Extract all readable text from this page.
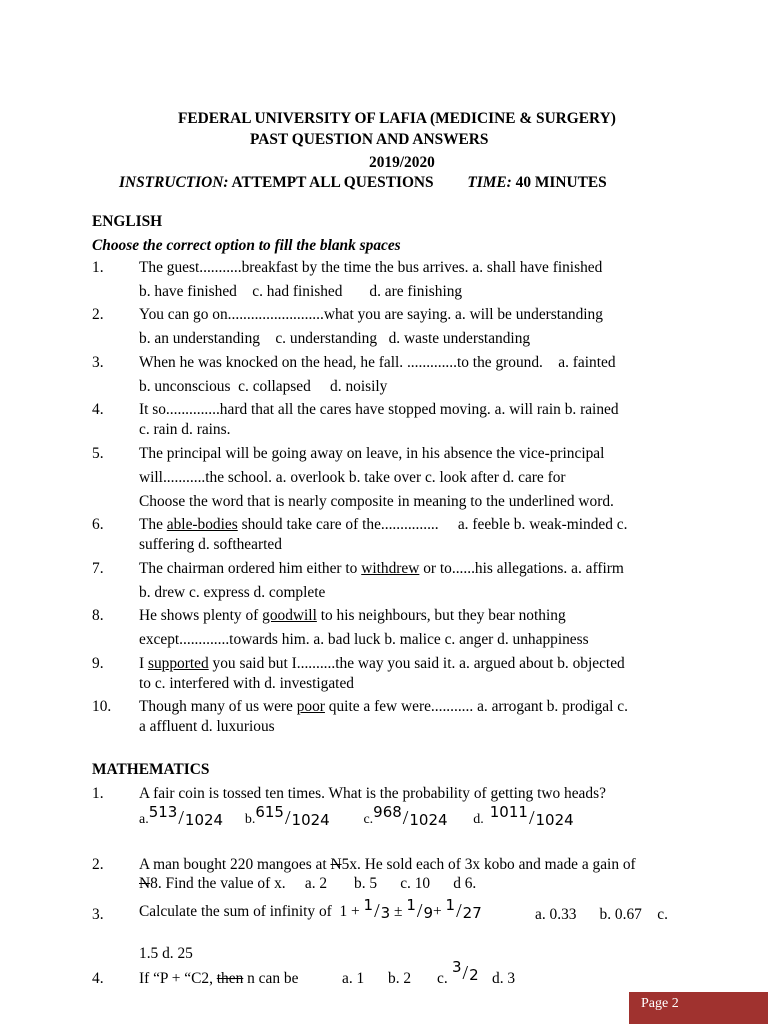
FEDERAL UNIVERSITY OF LAFIA (MEDICINE & SURGERY)
PAST QUESTION AND ANSWERS
2019/2020
INSTRUCTION: ATTEMPT ALL QUESTIONS TIME: 40 MINUTES
ENGLISH
Choose the correct option to fill the blank spaces
1. The guest...........breakfast by the time the bus arrives. a. shall have finished
b. have finished    c. had finished       d. are finishing
2. You can go on.........................what you are saying. a. will be understanding
b. an understanding    c. understanding   d. waste understanding
3. When he was knocked on the head, he fall. .............to the ground.    a. fainted
b. unconscious  c. collapsed     d. noisily
4. It so..............hard that all the cares have stopped moving. a. will rain b. rained
c. rain d. rains.
5. The principal will be going away on leave, in his absence the vice-principal
will...........the school. a. overlook b. take over c. look after d. care for
Choose the word that is nearly composite in meaning to the underlined word.
6. The able-bodies should take care of the...............     a. feeble b. weak-minded c.
suffering d. softhearted
7. The chairman ordered him either to withdrew or to......his allegations. a. affirm
b. drew c. express d. complete
8. He shows plenty of goodwill to his neighbours, but they bear nothing
except.............towards him. a. bad luck b. malice c. anger d. unhappiness
9. I supported you said but I..........the way you said it. a. argued about b. objected
to c. interfered with d. investigated
10. Though many of us were poor quite a few were........... a. arrogant b. prodigal c.
a affluent d. luxurious
MATHEMATICS
1. A fair coin is tossed ten times. What is the probability of getting two heads?
$a.^{513}/_{1024}$ $b.^{615}/_{1024}$ $c.^{968}/_{1024}$ d. $^{1011}/_{1024}$
2. A man bought 220 mangoes at N5x. He sold each of 3x kobo and made a gain of
N8. Find the value of x.     a. 2       b. 5      c. 10      d 6.
3. Calculate the sum of infinity of  $1 + ^1/_3 \pm ^1/_9+ ^1/_{27}$	a. 0.33      b. 0.67    c.
1.5 d. 25
4. If “P + “C2, then n can be	a. 1 b. 2 c.
$^3/_2$ d. 3
Page 2
